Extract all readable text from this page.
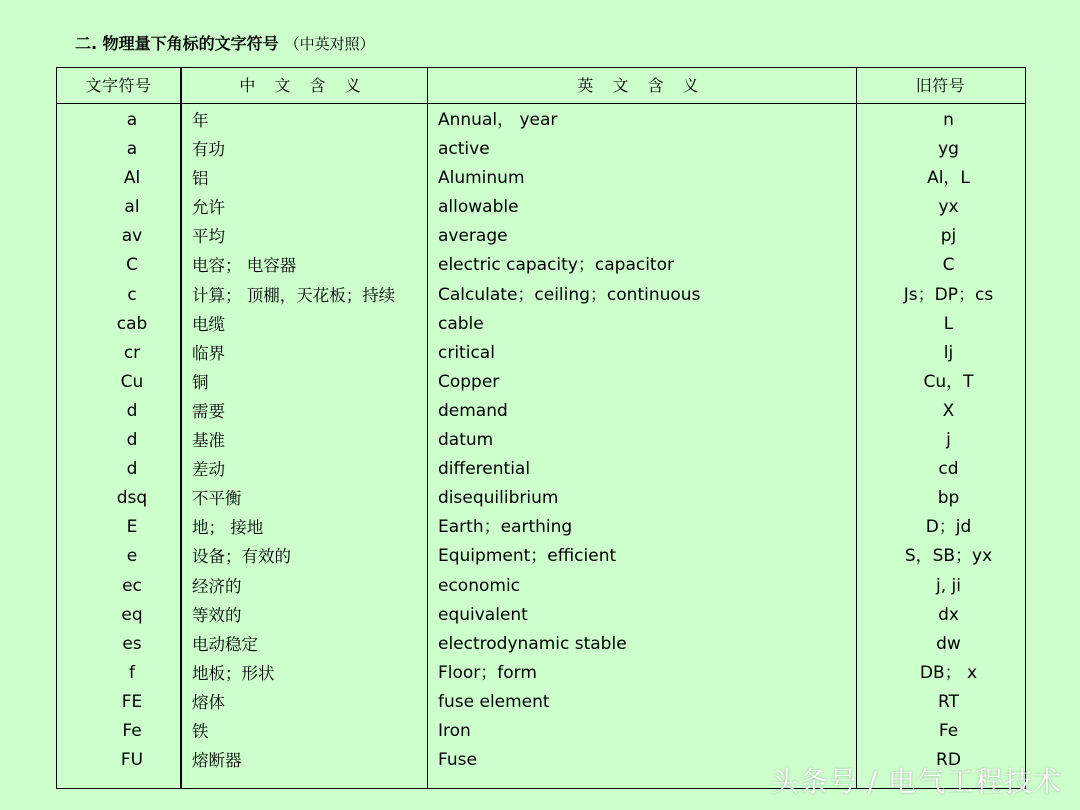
二. 物理量下角标的文字符号 （中英对照）
文字符号	中 文 含 义	英 文 含 义	旧符号
a	年	Annual， year	n
a	有功	active	yg
Al	铝	Aluminum	Al，L
al	允许	allowable	yx
av	平均	average	pj
C	电容； 电容器	electric capacity；capacitor	C
c	计算； 顶棚，天花板；持续	Calculate；ceiling；continuous	Js；DP；cs
cab	电缆	cable	L
cr	临界	critical	lj
Cu	铜	Copper	Cu，T
d	需要	demand	X
d	基准	datum	j
d	差动	differential	cd
dsq	不平衡	disequilibrium	bp
E	地； 接地	Earth；earthing	D；jd
e	设备；有效的	Equipment；efficient	S，SB；yx
ec	经济的	economic	j, ji
eq	等效的	equivalent	dx
es	电动稳定	electrodynamic stable	dw
f	地板；形状	Floor；form	DB； x
FE	熔体	fuse element	RT
Fe	铁	Iron	Fe
FU	熔断器	Fuse	RD
头条号 / 电气工程技术
